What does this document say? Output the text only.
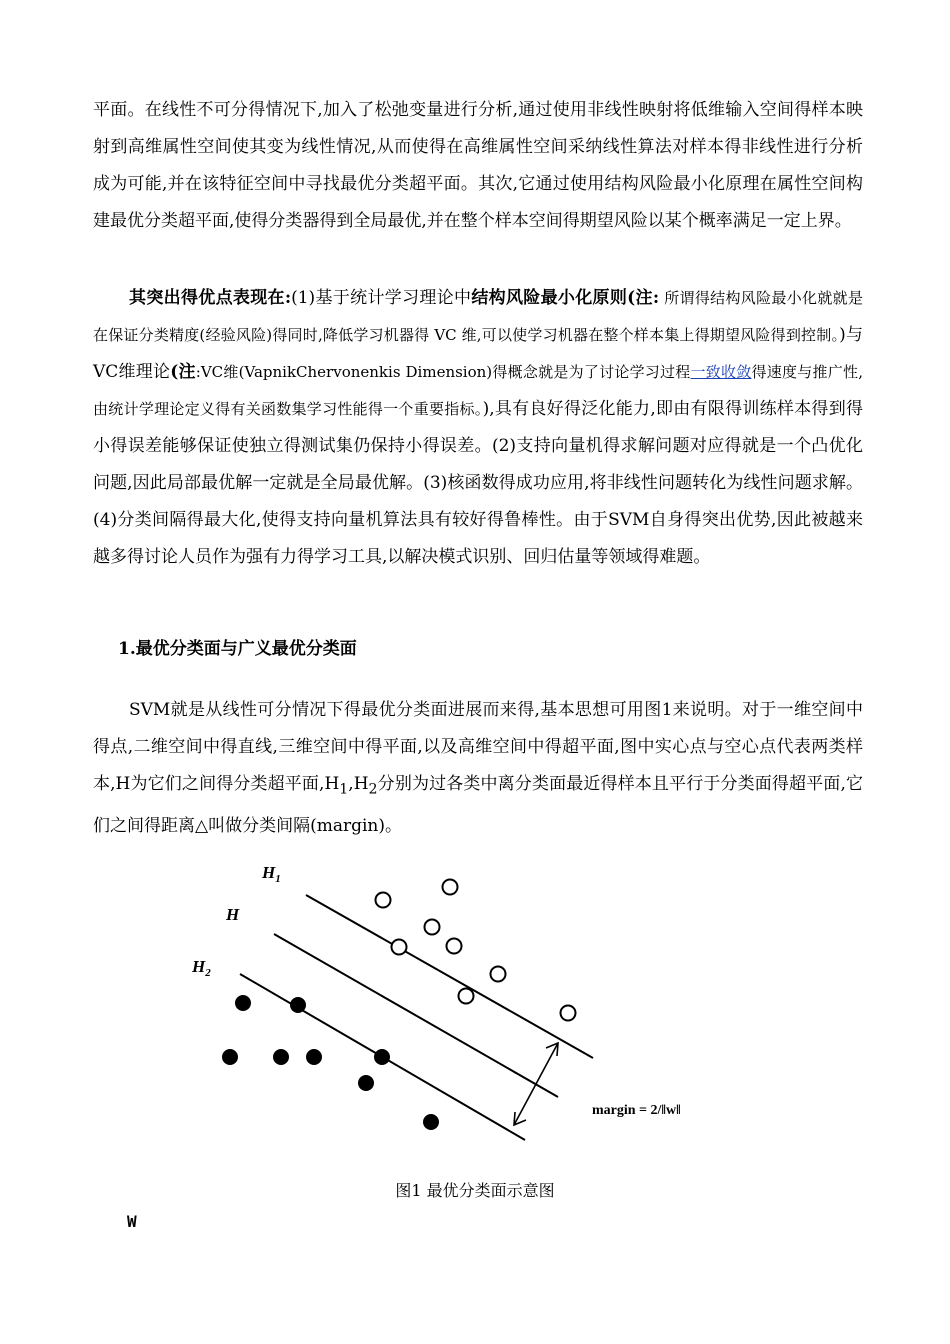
平面。在线性不可分得情况下,加入了松弛变量进行分析,通过使用非线性映射将低维输入空间得样本映射到高维属性空间使其变为线性情况,从而使得在高维属性空间采纳线性算法对样本得非线性进行分析成为可能,并在该特征空间中寻找最优分类超平面。其次,它通过使用结构风险最小化原理在属性空间构建最优分类超平面,使得分类器得到全局最优,并在整个样本空间得期望风险以某个概率满足一定上界。

其突出得优点表现在:(1)基于统计学习理论中结构风险最小化原则(注: 所谓得结构风险最小化就就是在保证分类精度(经验风险)得同时,降低学习机器得 VC 维,可以使学习机器在整个样本集上得期望风险得到控制。)与VC维理论(注:VC维(VapnikChervonenkis Dimension)得概念就是为了讨论学习过程一致收敛得速度与推广性,由统计学理论定义得有关函数集学习性能得一个重要指标。),具有良好得泛化能力,即由有限得训练样本得到得小得误差能够保证使独立得测试集仍保持小得误差。(2)支持向量机得求解问题对应得就是一个凸优化问题,因此局部最优解一定就是全局最优解。(3)核函数得成功应用,将非线性问题转化为线性问题求解。(4)分类间隔得最大化,使得支持向量机算法具有较好得鲁棒性。由于SVM自身得突出优势,因此被越来越多得讨论人员作为强有力得学习工具,以解决模式识别、回归估量等领域得难题。

1.最优分类面与广义最优分类面

SVM就是从线性可分情况下得最优分类面进展而来得,基本思想可用图1来说明。对于一维空间中得点,二维空间中得直线,三维空间中得平面,以及高维空间中得超平面,图中实心点与空心点代表两类样本,H为它们之间得分类超平面$,H_1,H_2$分别为过各类中离分类面最近得样本且平行于分类面得超平面,它们之间得距离△叫做分类间隔(margin)。

$H_1$
H
$H_2$
margin = 2/‖w‖
图1 最优分类面示意图
W
